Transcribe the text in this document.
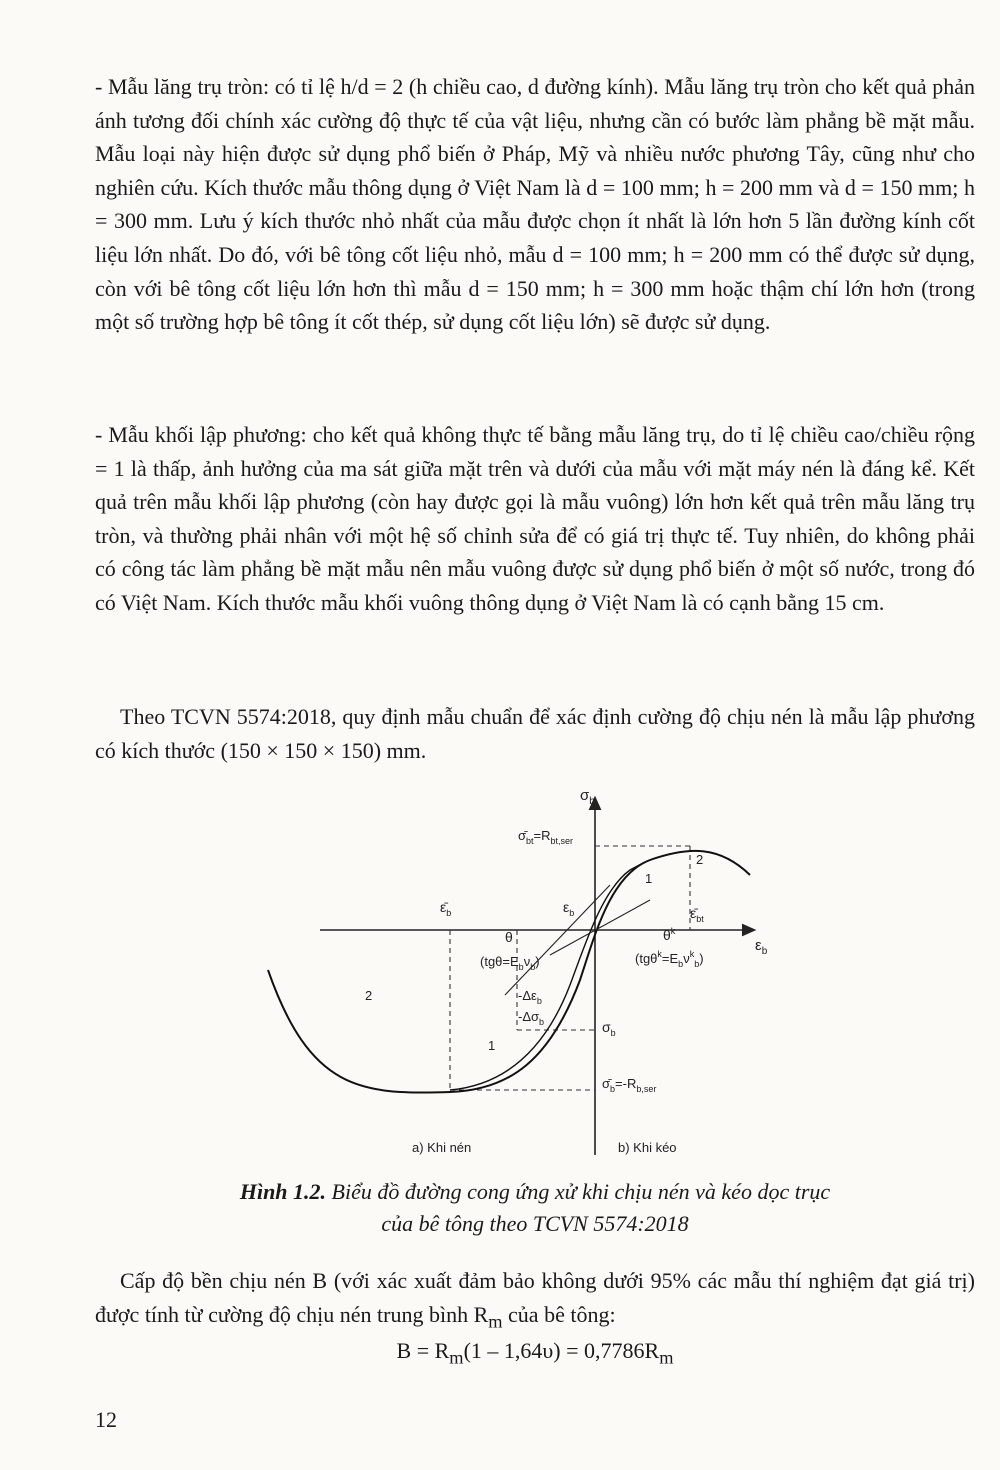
- Mẫu lăng trụ tròn: có tỉ lệ h/d = 2 (h chiều cao, d đường kính). Mẫu lăng trụ tròn cho kết quả phản ánh tương đối chính xác cường độ thực tế của vật liệu, nhưng cần có bước làm phẳng bề mặt mẫu. Mẫu loại này hiện được sử dụng phổ biến ở Pháp, Mỹ và nhiều nước phương Tây, cũng như cho nghiên cứu. Kích thước mẫu thông dụng ở Việt Nam là d = 100 mm; h = 200 mm và d = 150 mm; h = 300 mm. Lưu ý kích thước nhỏ nhất của mẫu được chọn ít nhất là lớn hơn 5 lần đường kính cốt liệu lớn nhất. Do đó, với bê tông cốt liệu nhỏ, mẫu d = 100 mm; h = 200 mm có thể được sử dụng, còn với bê tông cốt liệu lớn hơn thì mẫu d = 150 mm; h = 300 mm hoặc thậm chí lớn hơn (trong một số trường hợp bê tông ít cốt thép, sử dụng cốt liệu lớn) sẽ được sử dụng.

- Mẫu khối lập phương: cho kết quả không thực tế bằng mẫu lăng trụ, do tỉ lệ chiều cao/chiều rộng = 1 là thấp, ảnh hưởng của ma sát giữa mặt trên và dưới của mẫu với mặt máy nén là đáng kể. Kết quả trên mẫu khối lập phương (còn hay được gọi là mẫu vuông) lớn hơn kết quả trên mẫu lăng trụ tròn, và thường phải nhân với một hệ số chỉnh sửa để có giá trị thực tế. Tuy nhiên, do không phải có công tác làm phẳng bề mặt mẫu nên mẫu vuông được sử dụng phổ biến ở một số nước, trong đó có Việt Nam. Kích thước mẫu khối vuông thông dụng ở Việt Nam là có cạnh bằng 15 cm.

Theo TCVN 5574:2018, quy định mẫu chuẩn để xác định cường độ chịu nén là mẫu lập phương có kích thước (150 × 150 × 150) mm.

$\sigma_b$
$\varepsilon_b$
$\sigmā_{bt}=R_{bt,ser}$
$\varepsilon̄_b$	$\varepsilon_b$	$\varepsilon̄_{bt}$
θ	$\theta^k$
$(tg\theta=E_b\nu_b)$	$(tg\theta^k=E_b\nu^k_b)$
$-\Delta\varepsilon_b$
$-\Delta\sigma_b$	$\sigma_b$
$\sigmā_b=-R_{b,ser}$
1
2
1
2
a) Khi nén	b) Khi kéo

Hình 1.2. Biểu đồ đường cong ứng xử khi chịu nén và kéo dọc trục
của bê tông theo TCVN 5574:2018

Cấp độ bền chịu nén B (với xác xuất đảm bảo không dưới 95% các mẫu thí nghiệm đạt giá trị) được tính từ cường độ chịu nén trung bình $R_m$ của bê tông:

$B = R_m(1 - 1,64\upsilon) = 0,7786R_m$

12
